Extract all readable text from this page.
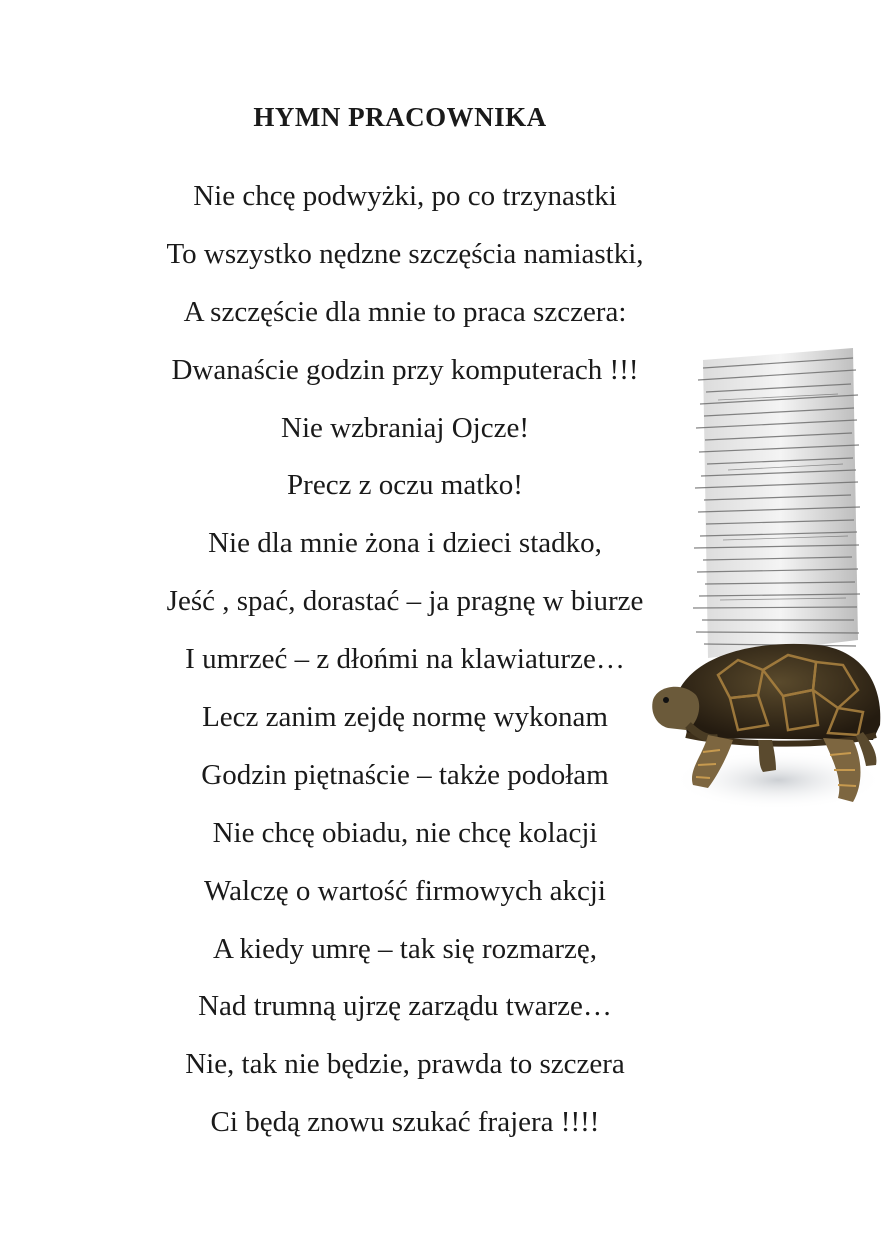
HYMN PRACOWNIKA
Nie chcę podwyżki, po co trzynastki
To wszystko nędzne szczęścia namiastki,
A szczęście dla mnie to praca szczera:
Dwanaście godzin przy komputerach !!!
Nie wzbraniaj Ojcze!
Precz z oczu matko!
Nie dla mnie żona i dzieci stadko,
Jeść , spać, dorastać – ja pragnę w biurze
I umrzeć – z dłońmi na klawiaturze…
Lecz zanim zejdę normę wykonam
Godzin piętnaście – także podołam
Nie chcę obiadu, nie chcę kolacji
Walczę o wartość firmowych akcji
A kiedy umrę – tak się rozmarzę,
Nad trumną ujrzę zarządu twarze…
Nie, tak nie będzie, prawda to szczera
Ci będą znowu szukać frajera !!!!
